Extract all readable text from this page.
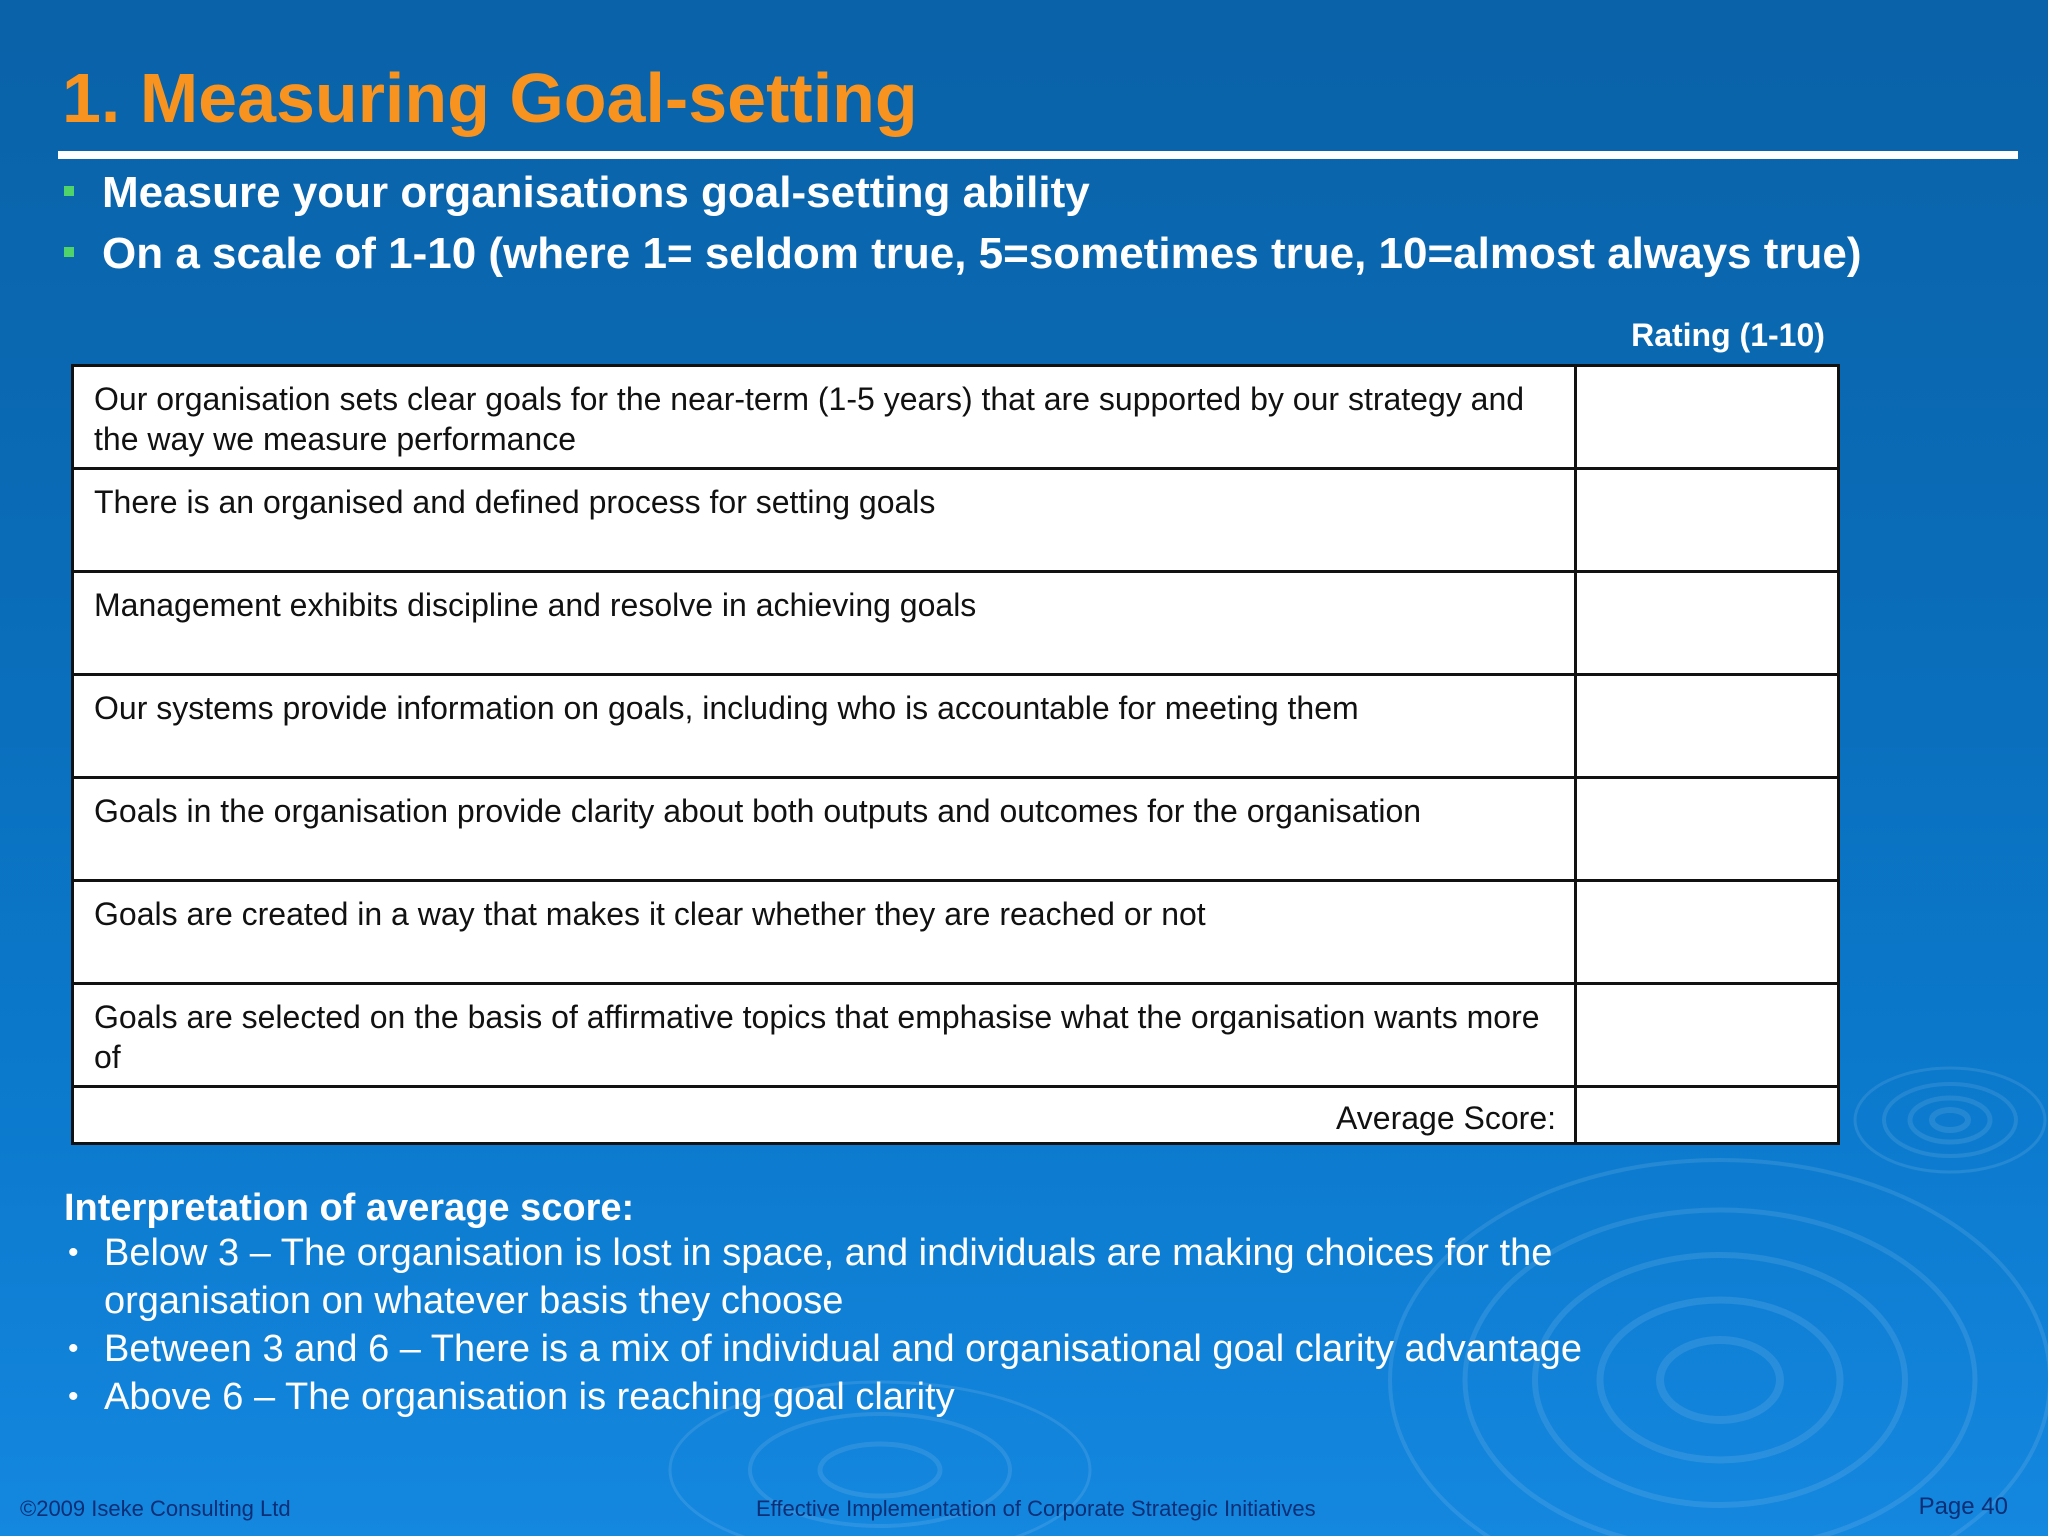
1. Measuring Goal-setting
Measure your organisations goal-setting ability
On a scale of 1-10 (where 1= seldom true, 5=sometimes true, 10=almost always true)
Rating (1-10)
Our organisation sets clear goals for the near-term (1-5 years) that are supported by our strategy and the way we measure performance	
There is an organised and defined process for setting goals	
Management exhibits discipline and resolve in achieving goals	
Our systems provide information on goals, including who is accountable for meeting them	
Goals in the organisation provide clarity about both outputs and outcomes for the organisation	
Goals are created in a way that makes it clear whether they are reached or not	
Goals are selected on the basis of affirmative topics that emphasise what the organisation wants more of	
Average Score:	
Interpretation of average score:
• Below 3 – The organisation is lost in space, and individuals are making choices for the organisation on whatever basis they choose
• Between 3 and 6 – There is a mix of individual and organisational goal clarity advantage
• Above 6 – The organisation is reaching goal clarity
©2009 Iseke Consulting Ltd	Effective Implementation of Corporate Strategic Initiatives	Page 40
